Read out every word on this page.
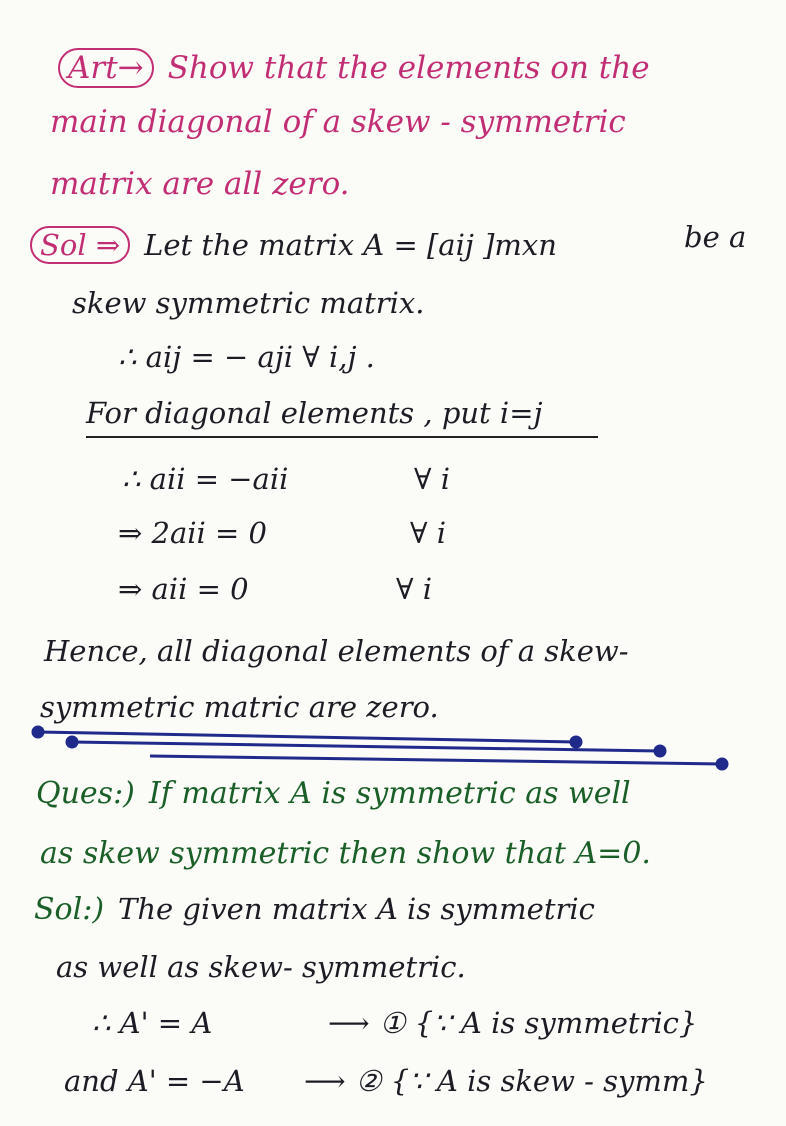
Art→ Show that the elements on the
main diagonal of a skew - symmetric
matrix are all zero.
Sol ⇒ Let the matrix A = [aij ]mxn	be a
skew symmetric matrix.
∴ aij = − aji ∀ i,j .
For diagonal elements , put i=j
∴ aii = −aii	∀ i
⇒ 2aii = 0	∀ i
⇒ aii = 0	∀ i
Hence, all diagonal elements of a skew-
symmetric matric are zero.
Ques:) If matrix A is symmetric as well
as skew symmetric then show that A=0.
Sol:) The given matrix A is symmetric
as well as skew- symmetric.
∴ A' = A	⟶ ① {∵ A is symmetric}
and A' = −A	⟶ ② {∵ A is skew - symm}
